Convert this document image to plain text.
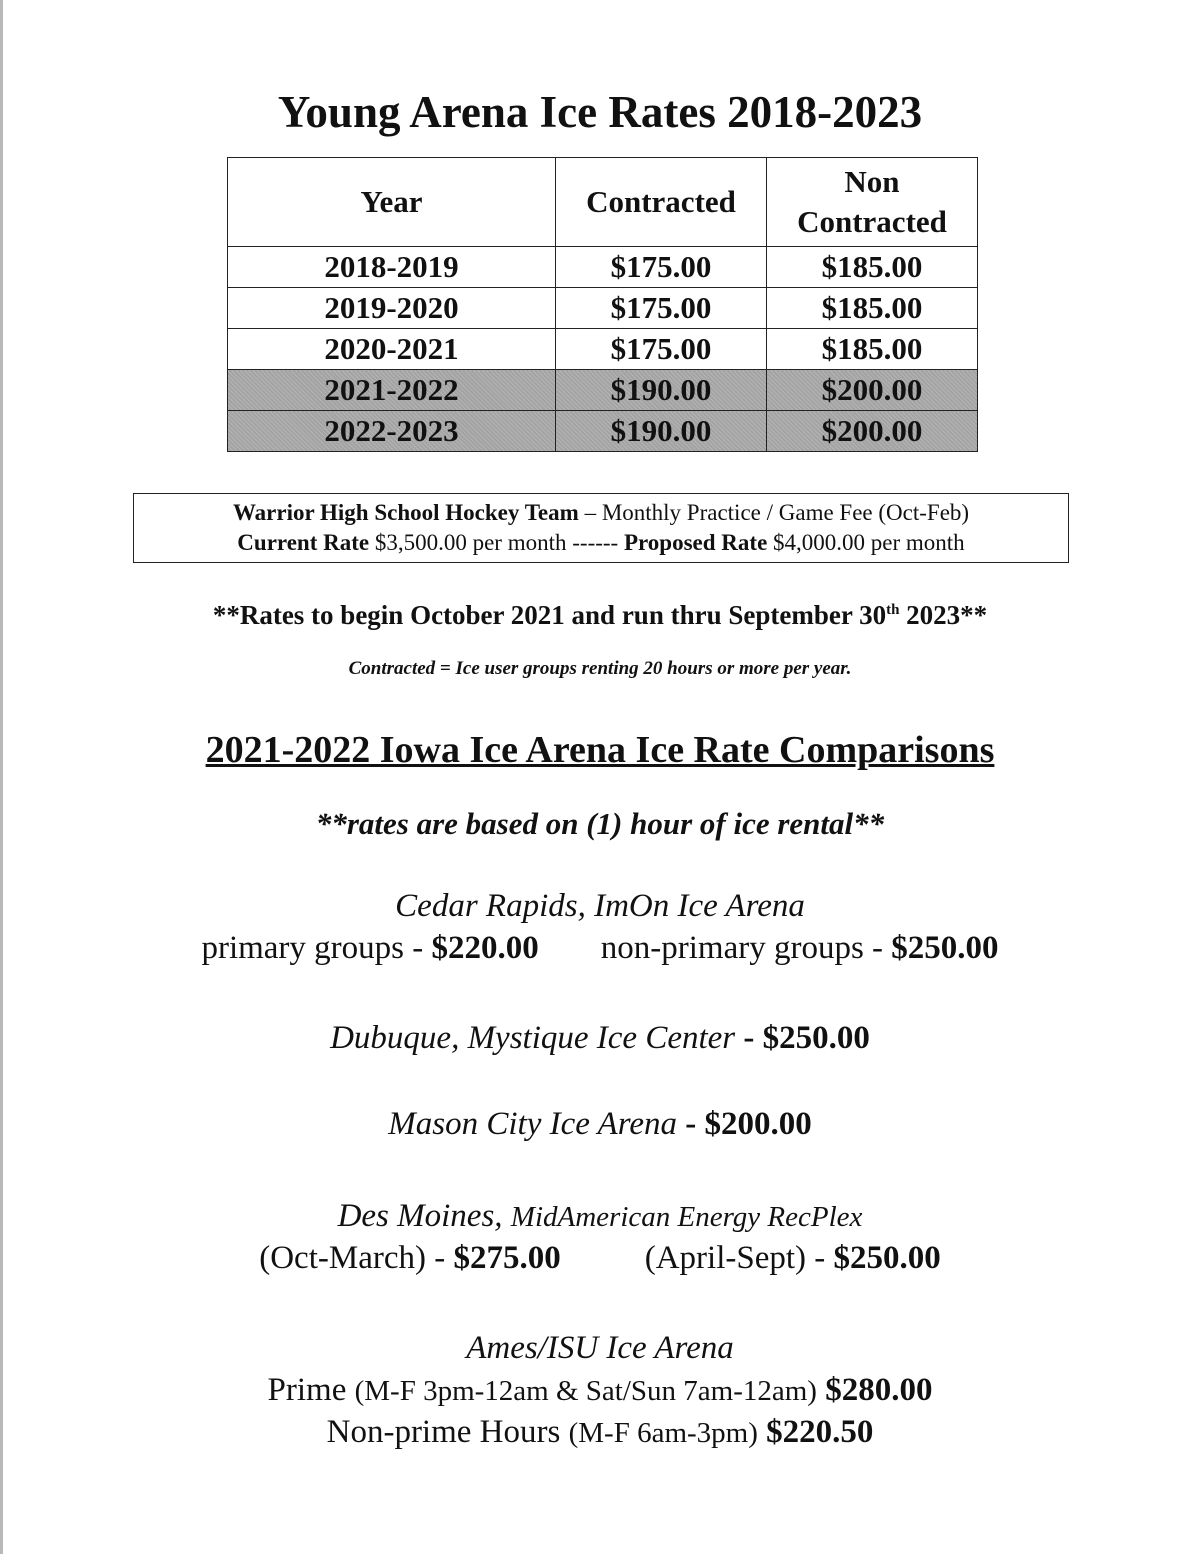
Young Arena Ice Rates 2018-2023
Year	Contracted	Non Contracted
2018-2019	$175.00	$185.00
2019-2020	$175.00	$185.00
2020-2021	$175.00	$185.00
2021-2022	$190.00	$200.00
2022-2023	$190.00	$200.00
Warrior High School Hockey Team – Monthly Practice / Game Fee (Oct-Feb)
Current Rate $3,500.00 per month ------ Proposed Rate $4,000.00 per month
**Rates to begin October 2021 and run thru September 30th 2023**
Contracted = Ice user groups renting 20 hours or more per year.
2021-2022 Iowa Ice Arena Ice Rate Comparisons
**rates are based on (1) hour of ice rental**
Cedar Rapids, ImOn Ice Arena
primary groups - $220.00 non-primary groups - $250.00
Dubuque, Mystique Ice Center - $250.00
Mason City Ice Arena - $200.00
Des Moines, MidAmerican Energy RecPlex
(Oct-March) - $275.00	(April-Sept) - $250.00
Ames/ISU Ice Arena
Prime (M-F 3pm-12am & Sat/Sun 7am-12am) $280.00
Non-prime Hours (M-F 6am-3pm) $220.50
